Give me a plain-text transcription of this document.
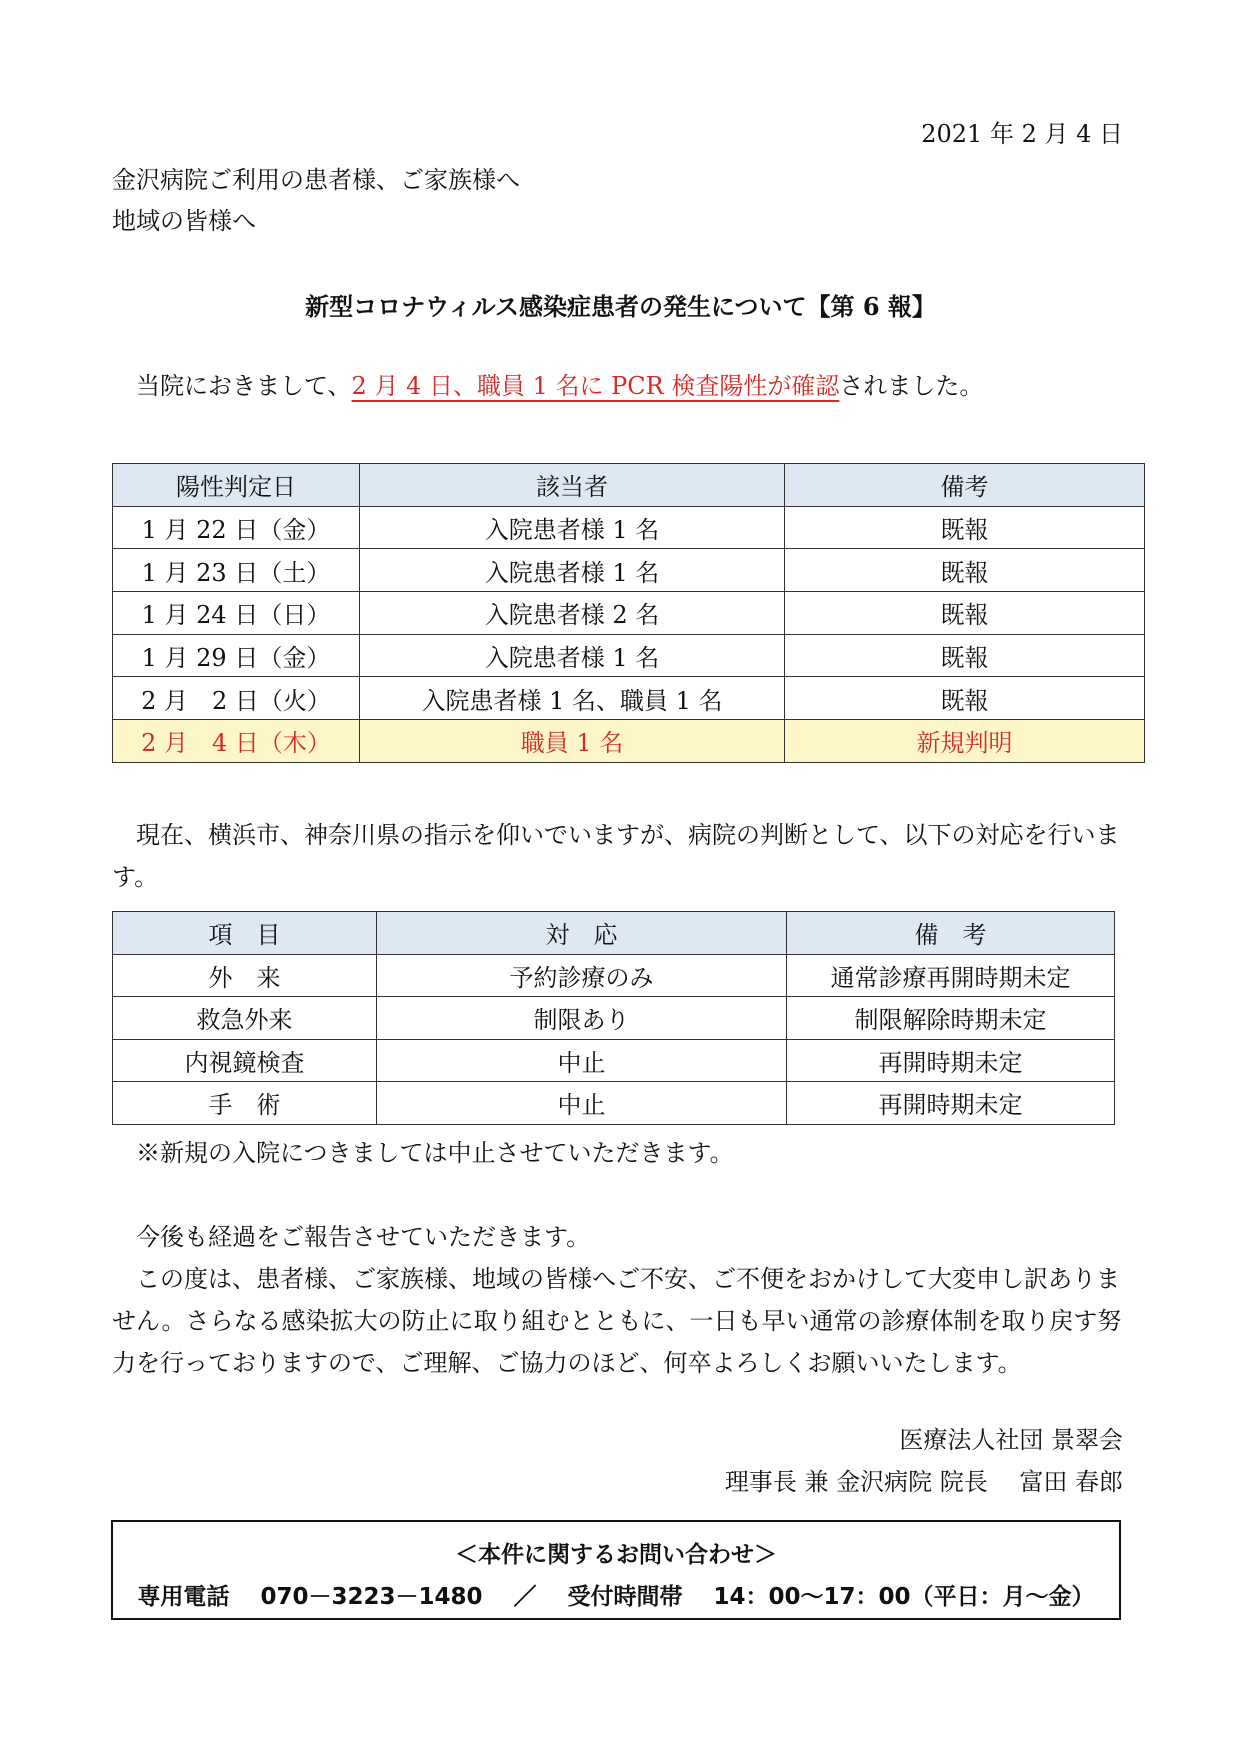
2021 年 2 月 4 日
金沢病院ご利用の患者様、ご家族様へ
地域の皆様へ
新型コロナウィルス感染症患者の発生について【第 6 報】
当院におきまして、2 月 4 日、職員 1 名に PCR 検査陽性が確認されました。
陽性判定日	該当者	備考
1 月 22 日（金）	入院患者様 1 名	既報
1 月 23 日（土）	入院患者様 1 名	既報
1 月 24 日（日）	入院患者様 2 名	既報
1 月 29 日（金）	入院患者様 1 名	既報
2 月　2 日（火）	入院患者様 1 名、職員 1 名	既報
2 月　4 日（木）	職員 1 名	新規判明
現在、横浜市、神奈川県の指示を仰いでいますが、病院の判断として、以下の対応を行います。
項　目	対　応	備　考
外　来	予約診療のみ	通常診療再開時期未定
救急外来	制限あり	制限解除時期未定
内視鏡検査	中止	再開時期未定
手　術	中止	再開時期未定
※新規の入院につきましては中止させていただきます。
今後も経過をご報告させていただきます。
この度は、患者様、ご家族様、地域の皆様へご不安、ご不便をおかけして大変申し訳ありません。さらなる感染拡大の防止に取り組むとともに、一日も早い通常の診療体制を取り戻す努力を行っておりますので、ご理解、ご協力のほど、何卒よろしくお願いいたします。
医療法人社団 景翠会
理事長 兼 金沢病院 院長　 富田 春郎
＜本件に関するお問い合わせ＞
専用電話　 070－3223－1480　 ／　 受付時間帯　 14：00～17：00（平日：月～金）
